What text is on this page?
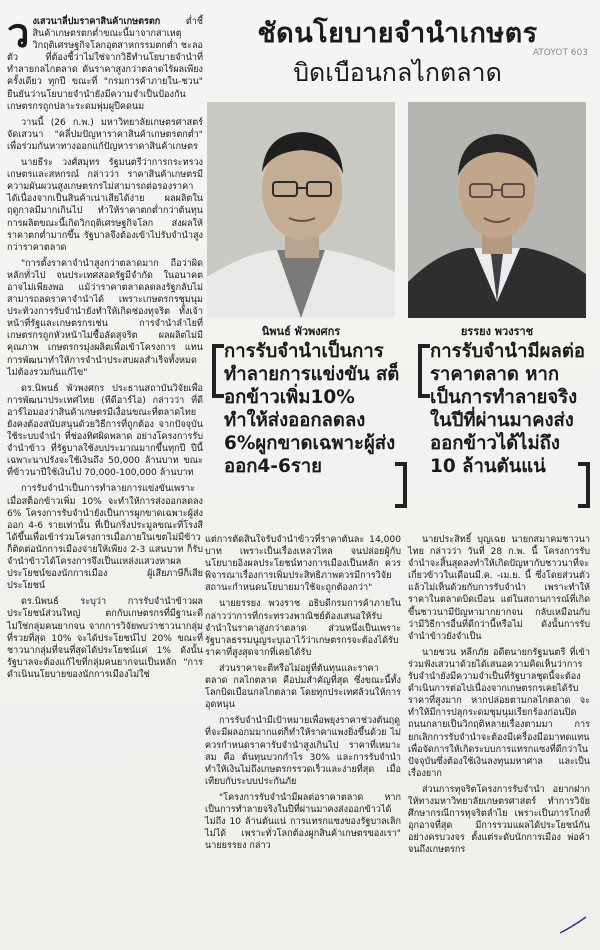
ATOYOT 603
ชัดนโยบายจำนำเกษตร
บิดเบือนกลไกตลาด

วงเสวนาลี่ปมราคาสินค้าเกษตรตก	ต่ำชี้สินค้าเกษตรตกต่ำขณะนี้มาจากสาเหตุวิกฤติเศรษฐกิจโลกอุตสาหกรรมตกต่ำ ชะลอตัว ที่ต้องชี้ว่าไม่ใช่จากวิธีทำนโยบายจำนำที่ทำลายกลไกตลาด ดันราคาสูงกว่าตลาดไร้ผลเพียงครั้งเดียว ทุกปี ขณะที่ "กรมการค้าภายใน-ชวน" ยืนยันว่านโยบายจำนำยังมีความจำเป็นป้องกันเกษตรกรถูกปลาะระดมพุ่มผูปีคดนม

วานนี้ (26 ก.พ.) มหาวิทยาลัยเกษตรศาสตร์ จัดเสวนา "คลี่ปมปัญหาราคาสินค้าเกษตรตกต่ำ" เพื่อร่วมกันหาทางออกแก้ปัญหาราคาสินค้าเกษตร

นายธีระ วงศ์สมุทร รัฐมนตรีว่าการกระทรวงเกษตรและสหกรณ์ กล่าวว่า ราคาสินค้าเกษตรมีความผันผวนสูงเกษตรกรไม่สามารถต่อรองราคาได้เนื่องจากเป็นสินค้าเน่าเสียได้ง่าย ผลผลิตในฤดูกาลมีมากเกินไป ทำให้ราคาตกต่ำกว่าต้นทุนการผลิตขณะนี้เกิดวิกฤติเศรษฐกิจโลก ส่งผลให้ราคาตกต่ำมากขึ้น รัฐบาลจึงต้องเข้าไปรับจำนำสูงกว่าราคาตลาด

"การตั้งราคาจำนำสูงกว่าตลาดมาก ถือว่าผิดหลักทั่วไป จนประเทศสอดรัฐมีจำกัด ในอนาคตอาจไม่เพียงพอ แม้ว่าราคาตลาดลดลงรัฐกลับไม่สามารถลดราคาจำนำได้ เพราะเกษตรกรชุมนุมประท้วงการรับจำนำยังทำให้เกิดช่องทุจริต ทั้งเจ้าหน้าที่รัฐและเกษตรกรเช่น การจำนำลำไยที่เกษตรกรถูกหัวหน้าไม่ซื้อลัดสุจริต ผลผลิตไม่มีคุณภาพ เกษตรกรมุ่งผลิตเพื่อเข้าโครงการ แทนการพัฒนาทำให้การจำนำประสบผลสำเร็จทั้งหมดไม่ต้องรวมกันแก้ไข"

ดร.นิพนธ์ พัวพงศกร ประธานสถาบันวิจัยเพื่อการพัฒนาประเทศไทย (ทีดีอาร์ไอ) กล่าวว่า ที่ดีอาร์ไอมองว่าสินค้าเกษตรมีเงื่อนขณะที่ตลาดไทยยังคงต้องสนับสนุนด้วยวิธีการที่ถูกต้อง จากปัจจุบันใช้ระบบจำนำ ที่ช่องทิศผิดพลาด อย่างโครงการรับจำนำข้าว ที่รัฐบาลใช้งบประมาณมากขึ้นทุกปี ปีนี้เฉพาะนาปรังจะใช้เงินถึง 50,000 ล้านบาท ขณะที่ข้าวนาปีใช้เงินไป 70,000-100,000 ล้านบาท

การรับจำนำเป็นการทำลายการแข่งขันเพราะเมื่อสต็อกข้าวเพิ่ม 10% จะทำให้การส่งออกลดลง 6% โครงการรับจำนำยังเป็นการผูกขาดเฉพาะผู้ส่งออก 4-6 รายเท่านั้น ที่เป็นกริ่งประมูลขณะที่โรงสีได้ขึ้นเพื่อเข้าร่วมโครงการเมื่อภายในเขตไม่มีข้าวก็ติดต่อนักการเมืองจ่ายให้เพียง 2-3 แสนบาท ก็รับจำนำข้าวได้โครงการจึงเป็นแหล่งแสวงหาผลประโยชน์ของนักการเมือง ผู้เสียภาษีก็เสียประโยชน์

ดร.นิพนธ์ ระบุว่า การรับจำนำข้าวผลประโยชน์ส่วนใหญ่ ตกกับเกษตรกรที่มีฐานะดี ไม่ใช่กลุ่มคนยากจน จากการวิจัยพบว่าชาวนากลุ่มที่รวยที่สุด 10% จะได้ประโยชน์ไป 20% ขณะที่ชาวนากลุ่มที่จนที่สุดได้ประโยชน์แค่ 1% ดังนั้นรัฐบาลจะต้องแก้ไขที่กลุ่มคนยากจนเป็นหลัก "การดำเนินนโยบายของนักการเมืองไม่ใช่

นิพนธ์ พัวพงศกร	ยรรยง พวงราช
การรับจำนำเป็นการทำลายการแข่งขัน สต็อกข้าวเพิ่ม10% ทำให้ส่งออกลดลง 6%ผูกขาดเฉพาะผู้ส่งออก4-6ราย
การรับจำนำมีผลต่อราคาตลาด หากเป็นการทำลายจริง ในปีที่ผ่านมาคงส่งออกข้าวได้ไม่ถึง 10 ล้านตันแน่

แต่การตัดสินใจรับจำนำข้าวที่ราคาตันละ 14,000 บาท เพราะเป็นเรื่องเหลวไหล จนปล่อยผู้กับนโยบายอิงผลประโยชน์ทางการเมืองเป็นหลัก ควรพิจารณาเรื่องการเพิ่มประสิทธิภาพควรมีการวิจัยสถานะกำหนดนโยบายมาใช้จะถูกต้องกว่า"

นายยรรยง พวงราช อธิบดีกรมการค้าภายใน กล่าวว่าการที่กระทรวงพาณิชย์ต้องเสนอให้รับจำนำในราคาสูงกว่าตลาด ส่วนหนึ่งเป็นเพราะรัฐบาลธรรมนูญระบุเอาไว้ว่าเกษตรกรจะต้องได้รับราคาที่สูงสุดจากที่เคยได้รับ

ส่วนราคาจะตีหรือไม่อยู่ที่ต้นทุนและราคาตลาด กลไกตลาด คือปมสำคัญที่สุด ซึ่งขณะนี้ทั้งโลกบิดเบือนกลไกตลาด โดยทุกประเทศล้วนให้การอุดหนุน

การรับจำนำมีเป้าหมายเพื่อพยุงราคาช่วงต้นฤดู ที่จะมีผลอกมมากแต่ก็ทำให้ราคาแพงยิ่งขึ้นด้วย ไม่ควรกำหนดราคารับจำนำสูงเกินไป ราคาที่เหมาะสม คือ ต้นทุนบวกกำไร 30% และการรับจำนำทำให้เงินไม่ถึงเกษตรกรรวดเร็วและง่ายที่สุด เมื่อเทียบกับระบบประกันภัย

"โครงการรับจำนำมีผลต่อราคาตลาด หากเป็นการทำลายจริงในปีที่ผ่านมาคงส่งออกข้าวได้ไม่ถึง 10 ล้านตันแน่ การแทรกแซงของรัฐบาลเลิกไม่ได้ เพราะทั่วโลกต้องผูกสินค้าเกษตรของเรา" นายยรรยง กล่าว

นายประสิทธิ์ บุญเฉย นายกสมาคมชาวนาไทย กล่าวว่า วันที่ 28 ก.พ. นี้ โครงการรับจำนำจะสิ้นสุดลงทำให้เกิดปัญหากับชาวนาที่จะเกี่ยวข้าวในเดือนมี.ค. -เม.ย. นี้ ซึ่งโดยส่วนตัวแล้วไม่เห็นด้วยกับการรับจำนำ เพราะทำให้ราคาในตลาดบิดเบือน แต่ในสถานการณ์ที่เกิดขึ้นชาวนามีปัญหามากยากจน กลับเหมือนกับว่ามีวิธีการอื่นที่ดีกว่านี้หรือไม่ ดังนั้นการรับจำนำข้าวยังจำเป็น

นายชวน หลีกภัย อดีตนายกรัฐมนตรี ที่เข้าร่วมฟังเสวนาด้วยได้เสนอความคิดเห็นว่าการรับจำนำยังมีความจำเป็นที่รัฐบาลชุดนี้จะต้องดำเนินการต่อไปเนื่องจากเกษตรกรเคยได้รับราคาที่สูงมาก หากปล่อยตามกลไกตลาด จะทำให้มีการปลุกระดมชุมนุมเรียกร้องก่อนปิดถนนกลายเป็นวิกฤติหลายเรื่องตามมา การยกเลิกการรับจำนำจะต้องมีเครื่องมือมาทดแทนเพื่อจัดการให้เกิดระบบการแทรกแซงที่ดีกว่าในปัจจุบันซึ่งต้องใช้เงินลงทุนมหาศาล และเป็นเรื่องยาก

ส่วนการทุจริตโครงการรับจำนำ อยากฝากให้ทางมหาวิทยาลัยเกษตรศาสตร์ ทำการวิจัยศึกษากรณีการทุจริตลำไย เพราะเป็นการโกงที่อุกอาจที่สุด มีการรวมแผลได้ประโยชน์กันอย่างครบวงจร ตั้งแต่ระดับนักการเมือง พ่อค้า จนถึงเกษตรกร
